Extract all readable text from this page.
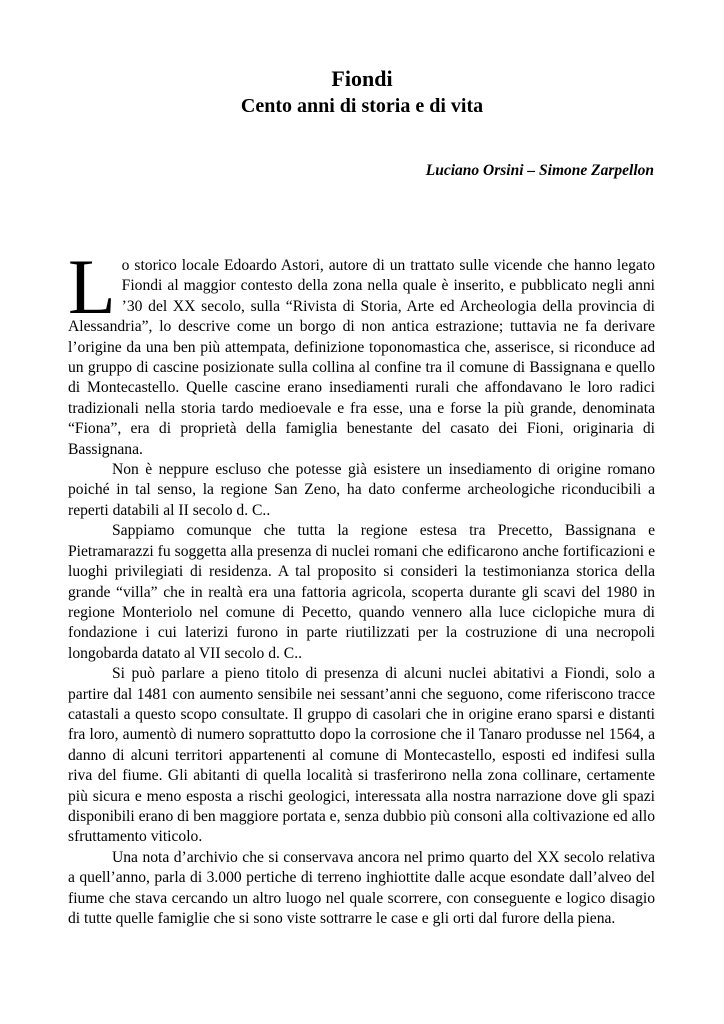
Fiondi
Cento anni di storia e di vita

Luciano Orsini – Simone Zarpellon

Lo storico locale Edoardo Astori, autore di un trattato sulle vicende che hanno legato Fiondi al maggior contesto della zona nella quale è inserito, e pubblicato negli anni ’30 del XX secolo, sulla “Rivista di Storia, Arte ed Archeologia della provincia di Alessandria”, lo descrive come un borgo di non antica estrazione; tuttavia ne fa derivare l’origine da una ben più attempata, definizione toponomastica che, asserisce, si riconduce ad un gruppo di cascine posizionate sulla collina al confine tra il comune di Bassignana e quello di Montecastello. Quelle cascine erano insediamenti rurali che affondavano le loro radici tradizionali nella storia tardo medioevale e fra esse, una e forse la più grande, denominata “Fiona”, era di proprietà della famiglia benestante del casato dei Fioni, originaria di Bassignana.

Non è neppure escluso che potesse già esistere un insediamento di origine romano poiché in tal senso, la regione San Zeno, ha dato conferme archeologiche riconducibili a reperti databili al II secolo d. C..

Sappiamo comunque che tutta la regione estesa tra Precetto, Bassignana e Pietramarazzi fu soggetta alla presenza di nuclei romani che edificarono anche fortificazioni e luoghi privilegiati di residenza. A tal proposito si consideri la testimonianza storica della grande “villa” che in realtà era una fattoria agricola, scoperta durante gli scavi del 1980 in regione Monteriolo nel comune di Pecetto, quando vennero alla luce ciclopiche mura di fondazione i cui laterizi furono in parte riutilizzati per la costruzione di una necropoli longobarda datato al VII secolo d. C..

Si può parlare a pieno titolo di presenza di alcuni nuclei abitativi a Fiondi, solo a partire dal 1481 con aumento sensibile nei sessant’anni che seguono, come riferiscono tracce catastali a questo scopo consultate. Il gruppo di casolari che in origine erano sparsi e distanti fra loro, aumentò di numero soprattutto dopo la corrosione che il Tanaro produsse nel 1564, a danno di alcuni territori appartenenti al comune di Montecastello, esposti ed indifesi sulla riva del fiume. Gli abitanti di quella località si trasferirono nella zona collinare, certamente più sicura e meno esposta a rischi geologici, interessata alla nostra narrazione dove gli spazi disponibili erano di ben maggiore portata e, senza dubbio più consoni alla coltivazione ed allo sfruttamento viticolo.

Una nota d’archivio che si conservava ancora nel primo quarto del XX secolo relativa a quell’anno, parla di 3.000 pertiche di terreno inghiottite dalle acque esondate dall’alveo del fiume che stava cercando un altro luogo nel quale scorrere, con conseguente e logico disagio di tutte quelle famiglie che si sono viste sottrarre le case e gli orti dal furore della piena.
